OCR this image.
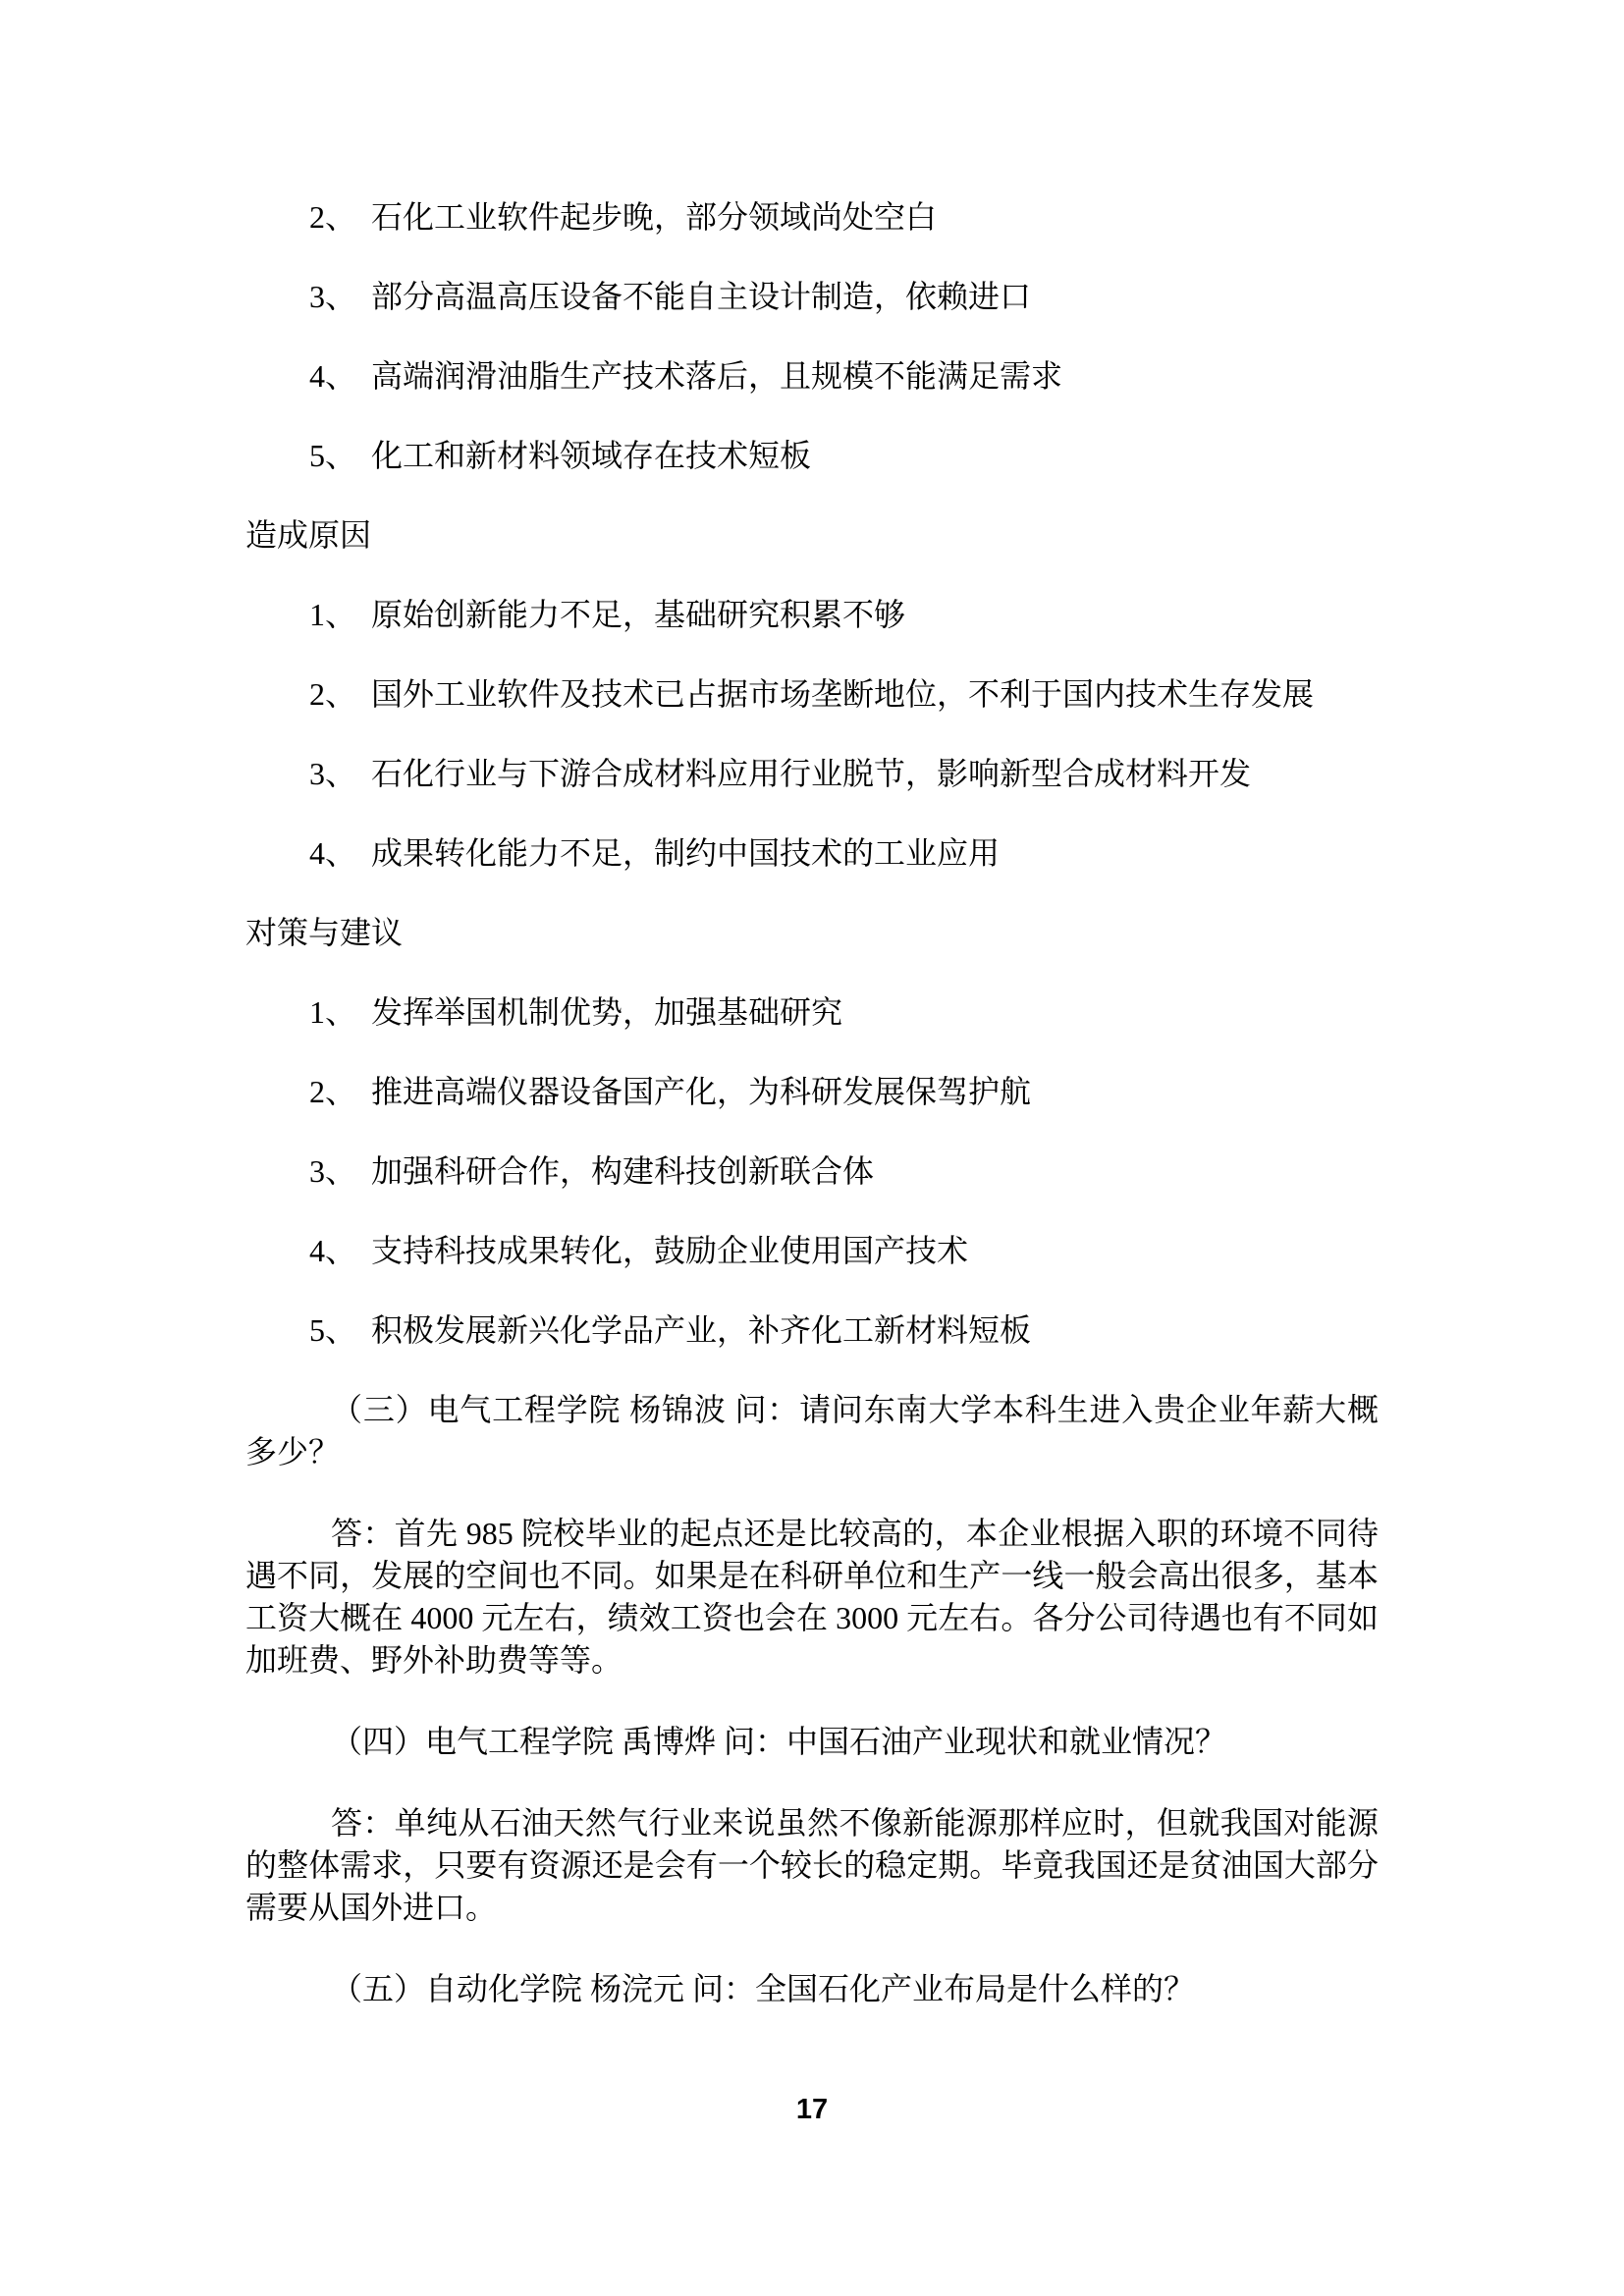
2、 石化工业软件起步晚，部分领域尚处空白
3、 部分高温高压设备不能自主设计制造，依赖进口
4、 高端润滑油脂生产技术落后，且规模不能满足需求
5、 化工和新材料领域存在技术短板

造成原因

1、 原始创新能力不足，基础研究积累不够
2、 国外工业软件及技术已占据市场垄断地位，不利于国内技术生存发展
3、 石化行业与下游合成材料应用行业脱节，影响新型合成材料开发
4、 成果转化能力不足，制约中国技术的工业应用

对策与建议

1、 发挥举国机制优势，加强基础研究
2、 推进高端仪器设备国产化，为科研发展保驾护航
3、 加强科研合作，构建科技创新联合体
4、 支持科技成果转化，鼓励企业使用国产技术
5、 积极发展新兴化学品产业，补齐化工新材料短板

（三）电气工程学院 杨锦波 问：请问东南大学本科生进入贵企业年薪大概多少？

答：首先 985 院校毕业的起点还是比较高的，本企业根据入职的环境不同待遇不同，发展的空间也不同。如果是在科研单位和生产一线一般会高出很多，基本工资大概在 4000 元左右，绩效工资也会在 3000 元左右。各分公司待遇也有不同如加班费、野外补助费等等。

（四）电气工程学院 禹博烨 问：中国石油产业现状和就业情况？

答：单纯从石油天然气行业来说虽然不像新能源那样应时，但就我国对能源的整体需求，只要有资源还是会有一个较长的稳定期。毕竟我国还是贫油国大部分需要从国外进口。

（五）自动化学院 杨浣元 问：全国石化产业布局是什么样的？

17
